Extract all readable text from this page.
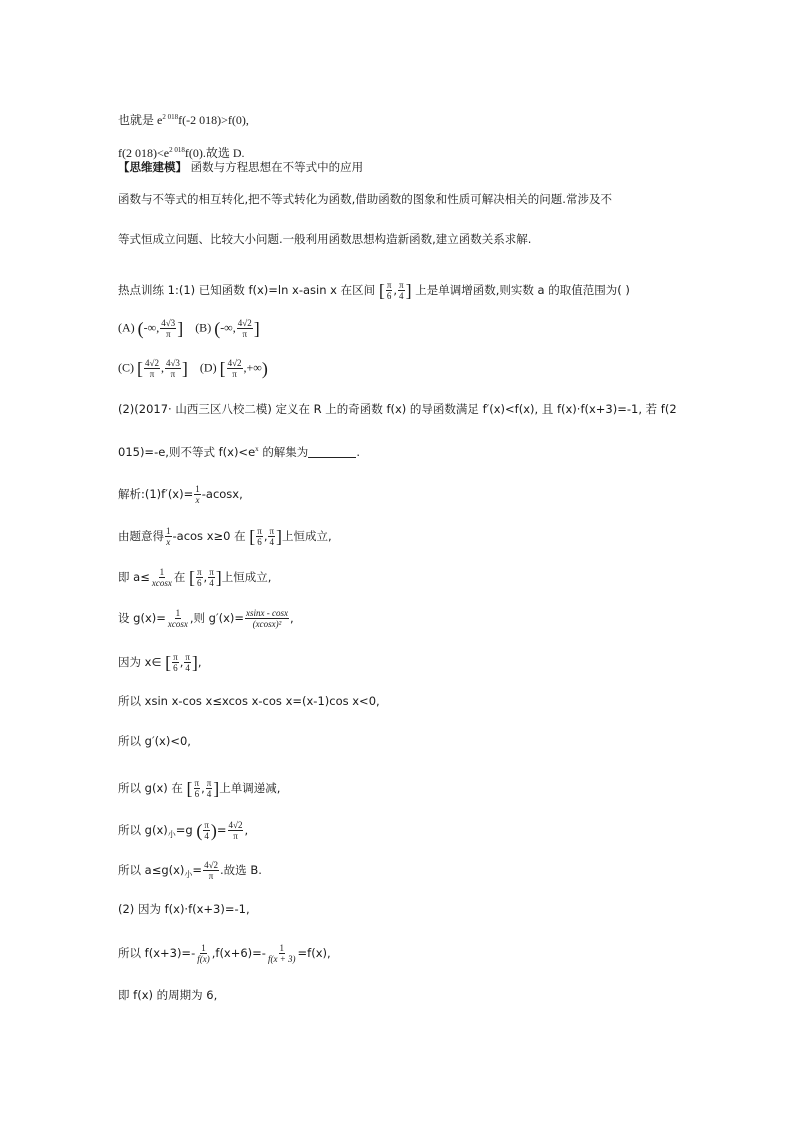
也就是 $e^{2 018}f(-2$ 018)>f(0),
f(2 $018)<e^{2 018}f(0)$.故选 D.
【思维建模】 函数与方程思想在不等式中的应用
函数与不等式的相互转化,把不等式转化为函数,借助函数的图象和性质可解决相关的问题.常涉及不
等式恒成立问题、比较大小问题.一般利用函数思想构造新函数,建立函数关系求解.
热点训练 1:(1) 已知函数 f(x)=ln x-asin x 在区间 [ $\frac{\pi}{6}$ , $\frac{\pi}{4}$ ] 上是单调增函数,则实数 a 的取值范围为( )
(A) (-∞, $\frac{4√3}{\pi}$ ] (B) (-∞, $\frac{4√2}{\pi}$ ]
(C) [ $\frac{4√2}{\pi}$ , $\frac{4√3}{\pi}$ ] (D) [ $\frac{4√2}{\pi}$ ,+∞)
(2)(2017· 山西三区八校二模) 定义在 R 上的奇函数 f(x) 的导函数满足 f′(x)<f(x), 且 f(x)·f(x+3)=-1, 若 f(2
015)=-e,则不等式 $f(x)<e^x$ 的解集为	.
解析:(1)f′(x)= $\frac{1}{x} -acosx$,
由题意得 $\frac{1}{x} -acos$ x≥0 在 [ $\frac{\pi}{6}$ , $\frac{\pi}{4}$ ]上恒成立,
即 $a\le \frac{1}{xcosx}$ 在 [ $\frac{\pi}{6}$ , $\frac{\pi}{4}$ ]上恒成立,
设 $g(x)= \frac{1}{xcosx}$ ,则 $g'(x)= \frac{xsinx - \cos x}{\text{(xcosx)²}}$ ,
因为 x∈ [ $\frac{\pi}{6}$ , $\frac{\pi}{4}$ ],
所以 xsin x-cos x≤xcos x-cos x=(x-1)cos x<0,
所以 g′(x)<0,
所以 g(x) 在 [ $\frac{\pi}{6}$ , $\frac{\pi}{4}$ ]上单调递减,
所以 $g(x)_小=g$ ( $\frac{\pi}{4}$ )= $\frac{4√2}{\pi}$ ,
所以 $a\le g(x)_小= \frac{4√2}{\pi}$ .故选 B.
(2) 因为 f(x)·f(x+3)=-1,
所以 $f(x+3)=- \frac{1}{f(x)} ,f(x+6)=- \frac{1}{f(x + 3)} =f(x)$,
即 f(x) 的周期为 6,
